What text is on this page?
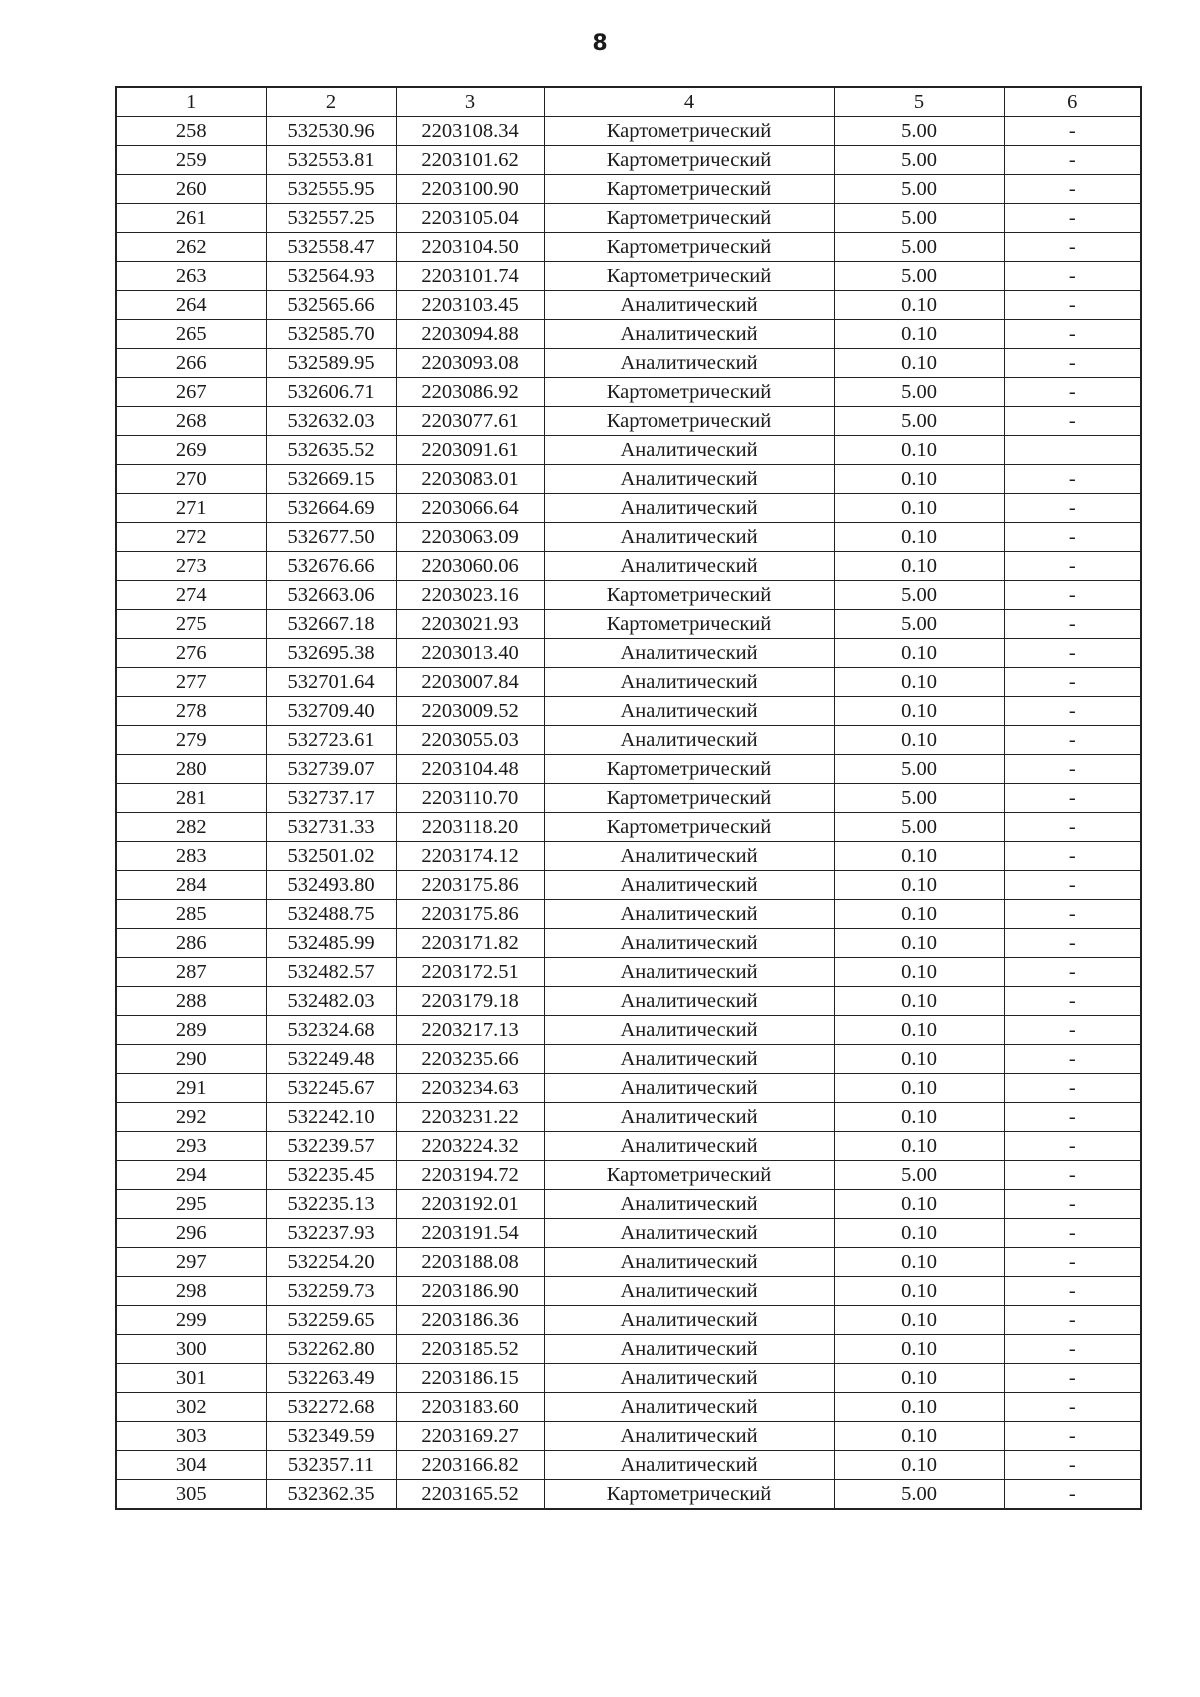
8
1	2	3	4	5	6
258	532530.96	2203108.34	Картометрический	5.00	-
259	532553.81	2203101.62	Картометрический	5.00	-
260	532555.95	2203100.90	Картометрический	5.00	-
261	532557.25	2203105.04	Картометрический	5.00	-
262	532558.47	2203104.50	Картометрический	5.00	-
263	532564.93	2203101.74	Картометрический	5.00	-
264	532565.66	2203103.45	Аналитический	0.10	-
265	532585.70	2203094.88	Аналитический	0.10	-
266	532589.95	2203093.08	Аналитический	0.10	-
267	532606.71	2203086.92	Картометрический	5.00	-
268	532632.03	2203077.61	Картометрический	5.00	-
269	532635.52	2203091.61	Аналитический	0.10	
270	532669.15	2203083.01	Аналитический	0.10	-
271	532664.69	2203066.64	Аналитический	0.10	-
272	532677.50	2203063.09	Аналитический	0.10	-
273	532676.66	2203060.06	Аналитический	0.10	-
274	532663.06	2203023.16	Картометрический	5.00	-
275	532667.18	2203021.93	Картометрический	5.00	-
276	532695.38	2203013.40	Аналитический	0.10	-
277	532701.64	2203007.84	Аналитический	0.10	-
278	532709.40	2203009.52	Аналитический	0.10	-
279	532723.61	2203055.03	Аналитический	0.10	-
280	532739.07	2203104.48	Картометрический	5.00	-
281	532737.17	2203110.70	Картометрический	5.00	-
282	532731.33	2203118.20	Картометрический	5.00	-
283	532501.02	2203174.12	Аналитический	0.10	-
284	532493.80	2203175.86	Аналитический	0.10	-
285	532488.75	2203175.86	Аналитический	0.10	-
286	532485.99	2203171.82	Аналитический	0.10	-
287	532482.57	2203172.51	Аналитический	0.10	-
288	532482.03	2203179.18	Аналитический	0.10	-
289	532324.68	2203217.13	Аналитический	0.10	-
290	532249.48	2203235.66	Аналитический	0.10	-
291	532245.67	2203234.63	Аналитический	0.10	-
292	532242.10	2203231.22	Аналитический	0.10	-
293	532239.57	2203224.32	Аналитический	0.10	-
294	532235.45	2203194.72	Картометрический	5.00	-
295	532235.13	2203192.01	Аналитический	0.10	-
296	532237.93	2203191.54	Аналитический	0.10	-
297	532254.20	2203188.08	Аналитический	0.10	-
298	532259.73	2203186.90	Аналитический	0.10	-
299	532259.65	2203186.36	Аналитический	0.10	-
300	532262.80	2203185.52	Аналитический	0.10	-
301	532263.49	2203186.15	Аналитический	0.10	-
302	532272.68	2203183.60	Аналитический	0.10	-
303	532349.59	2203169.27	Аналитический	0.10	-
304	532357.11	2203166.82	Аналитический	0.10	-
305	532362.35	2203165.52	Картометрический	5.00	-
